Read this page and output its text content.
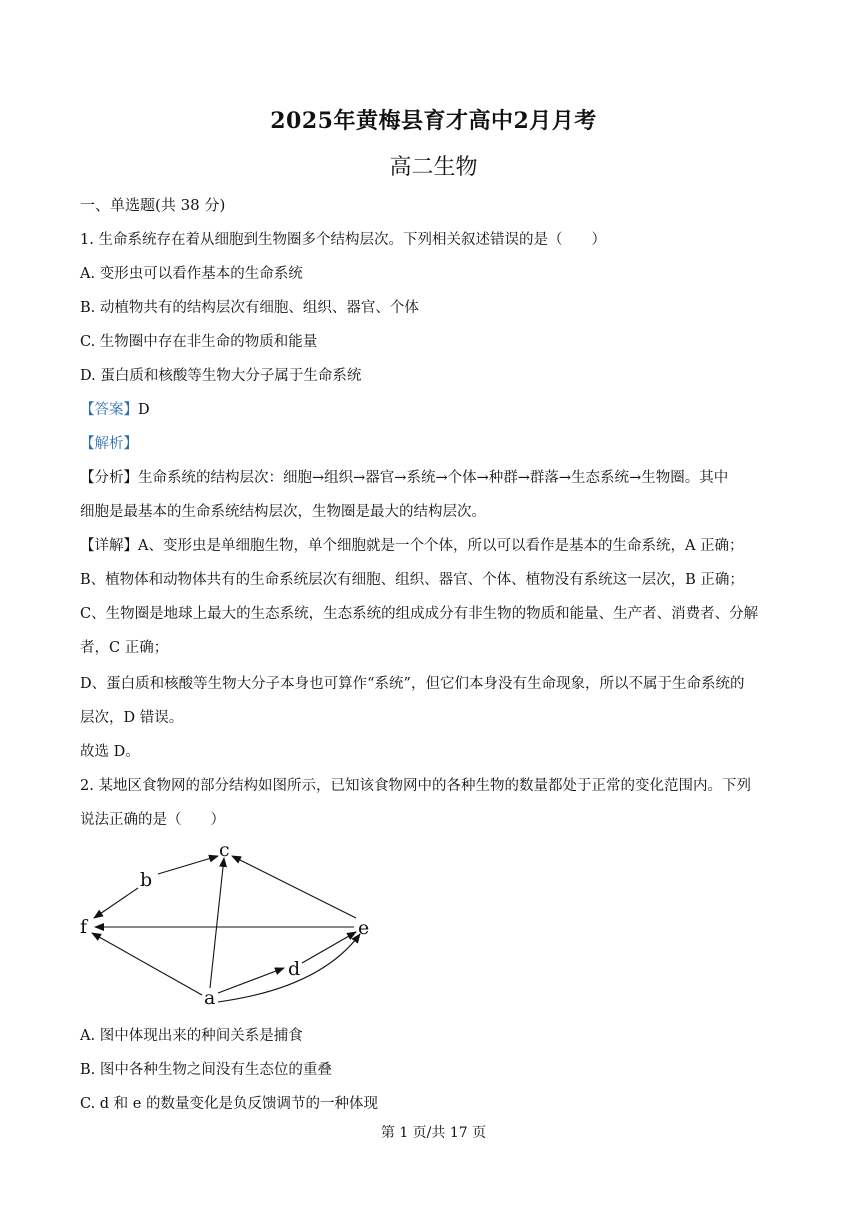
2025年黄梅县育才高中2月月考
高二生物
一、单选题(共 38 分)
1. 生命系统存在着从细胞到生物圈多个结构层次。下列相关叙述错误的是（　　）
A. 变形虫可以看作基本的生命系统
B. 动植物共有的结构层次有细胞、组织、器官、个体
C. 生物圈中存在非生命的物质和能量
D. 蛋白质和核酸等生物大分子属于生命系统
【答案】D
【解析】
【分析】生命系统的结构层次：细胞→组织→器官→系统→个体→种群→群落→生态系统→生物圈。其中
细胞是最基本的生命系统结构层次，生物圈是最大的结构层次。
【详解】A、变形虫是单细胞生物，单个细胞就是一个个体，所以可以看作是基本的生命系统，A 正确；
B、植物体和动物体共有的生命系统层次有细胞、组织、器官、个体、植物没有系统这一层次，B 正确；
C、生物圈是地球上最大的生态系统，生态系统的组成成分有非生物的物质和能量、生产者、消费者、分解
者，C 正确；
D、蛋白质和核酸等生物大分子本身也可算作“系统”，但它们本身没有生命现象，所以不属于生命系统的
层次，D 错误。
故选 D。
2. 某地区食物网的部分结构如图所示，已知该食物网中的各种生物的数量都处于正常的变化范围内。下列
说法正确的是（　　）
c
b
f	e
d
a
A. 图中体现出来的种间关系是捕食
B. 图中各种生物之间没有生态位的重叠
C. d 和 e 的数量变化是负反馈调节的一种体现
第 1 页/共 17 页
